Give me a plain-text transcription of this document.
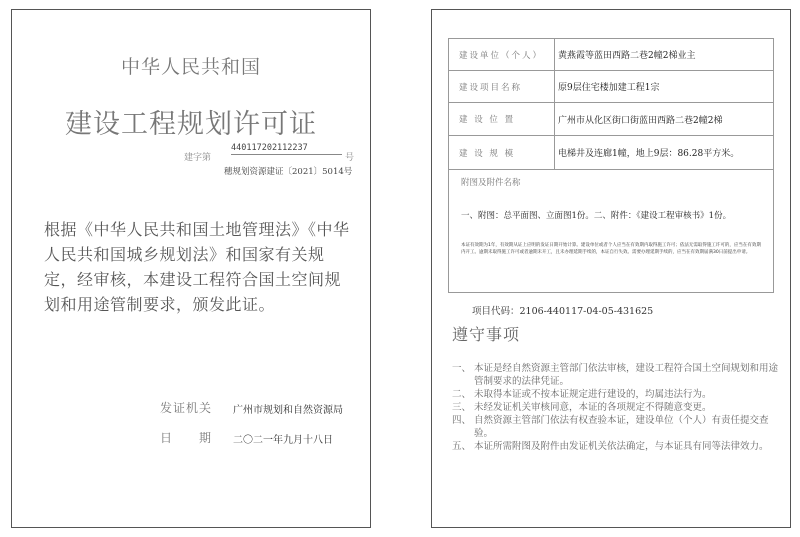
中华人民共和国
建设工程规划许可证
建字第
440117202112237
号
穗规划资源建证〔2021〕5014号
根据《中华人民共和国土地管理法》《中华人民共和国城乡规划法》和国家有关规定，经审核，本建设工程符合国土空间规划和用途管制要求，颁发此证。
发证机关 广州市规划和自然资源局
日　　期 二〇二一年九月十八日
建设单位（个人）	黄燕霞等蓝田西路二巷2幢2梯业主
建设项目名称	原9层住宅楼加建工程1宗
建 设 位 置	广州市从化区街口街蓝田西路二巷2幢2梯
建 设 规 模	电梯井及连廊1幢，地上9层：86.28平方米。
附图及附件名称
一、附图：总平面图、立面图1份。二、附件：《建设工程审核书》1份。
本证有效期为1年，有效期从证上应明的发证日期开始计算。建设单位或者个人应当在有效期内取得施工许可；依法无需取得施工许可的，应当在有效期内开工。逾期未取得施工许可或者逾期未开工，且未办理延期手续的，本证自行失效。需要办理延期手续的，应当在有效期届满30日前提出申请。
项目代码：2106-440117-04-05-431625
遵守事项
一、 本证是经自然资源主管部门依法审核，建设工程符合国土空间规划和用途管制要求的法律凭证。
二、 未取得本证或不按本证规定进行建设的，均属违法行为。
三、 未经发证机关审核同意，本证的各项规定不得随意变更。
四、 自然资源主管部门依法有权查验本证，建设单位（个人）有责任提交查验。
五、 本证所需附图及附件由发证机关依法确定，与本证具有同等法律效力。
